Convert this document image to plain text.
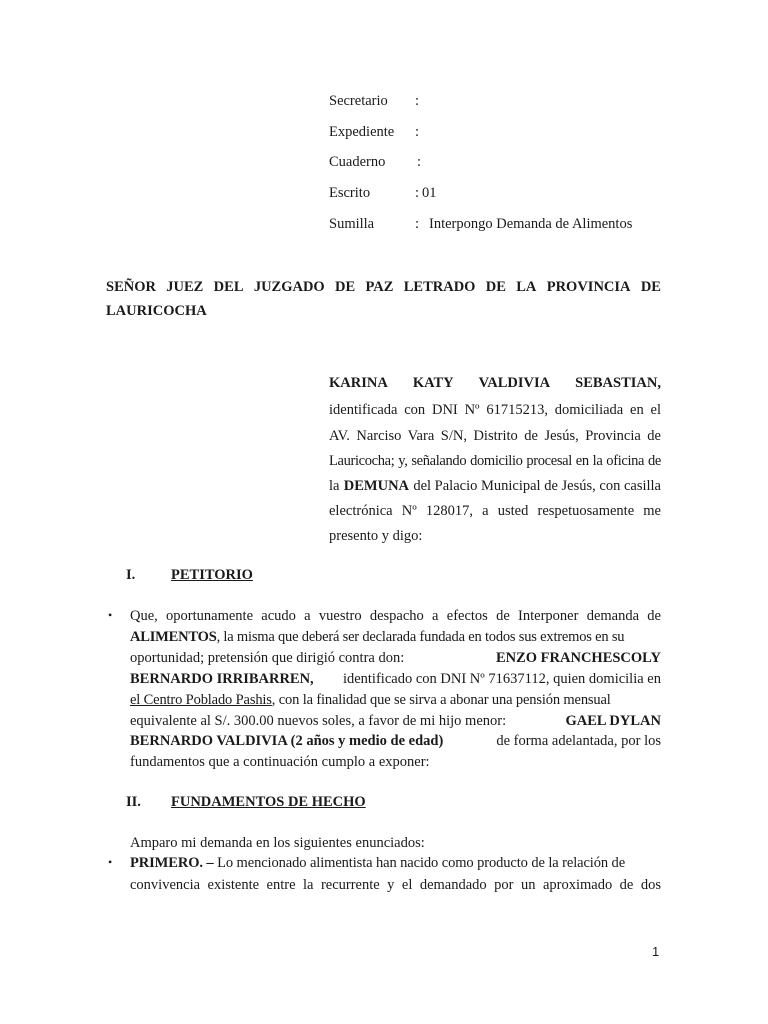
Secretario :
Expediente :
Cuaderno :
Escrito	: 01
Sumilla	: Interpongo Demanda de Alimentos
SEÑOR JUEZ DEL JUZGADO DE PAZ LETRADO DE LA PROVINCIA DE
LAURICOCHA
KARINA KATY VALDIVIA SEBASTIAN,
identificada con DNI Nº 61715213, domiciliada en el
AV. Narciso Vara S/N, Distrito de Jesús, Provincia de
Lauricocha; y, señalando domicilio procesal en la oficina de
la DEMUNA del Palacio Municipal de Jesús, con casilla
electrónica Nº 128017, a usted respetuosamente me
presento y digo:
I. PETITORIO
• Que, oportunamente acudo a vuestro despacho a efectos de Interponer demanda de
ALIMENTOS, la misma que deberá ser declarada fundada en todos sus extremos en su
oportunidad; pretensión que dirigió contra don:	ENZO FRANCHESCOLY
BERNARDO IRRIBARREN, identificado con DNI Nº 71637112, quien domicilia en
el Centro Poblado Pashis, con la finalidad que se sirva a abonar una pensión mensual
equivalente al S/. 300.00 nuevos soles, a favor de mi hijo menor:	GAEL DYLAN
BERNARDO VALDIVIA (2 años y medio de edad)	de forma adelantada, por los
fundamentos que a continuación cumplo a exponer:
II. FUNDAMENTOS DE HECHO
Amparo mi demanda en los siguientes enunciados:
• PRIMERO. – Lo mencionado alimentista han nacido como producto de la relación de
convivencia existente entre la recurrente y el demandado por un aproximado de dos
1
